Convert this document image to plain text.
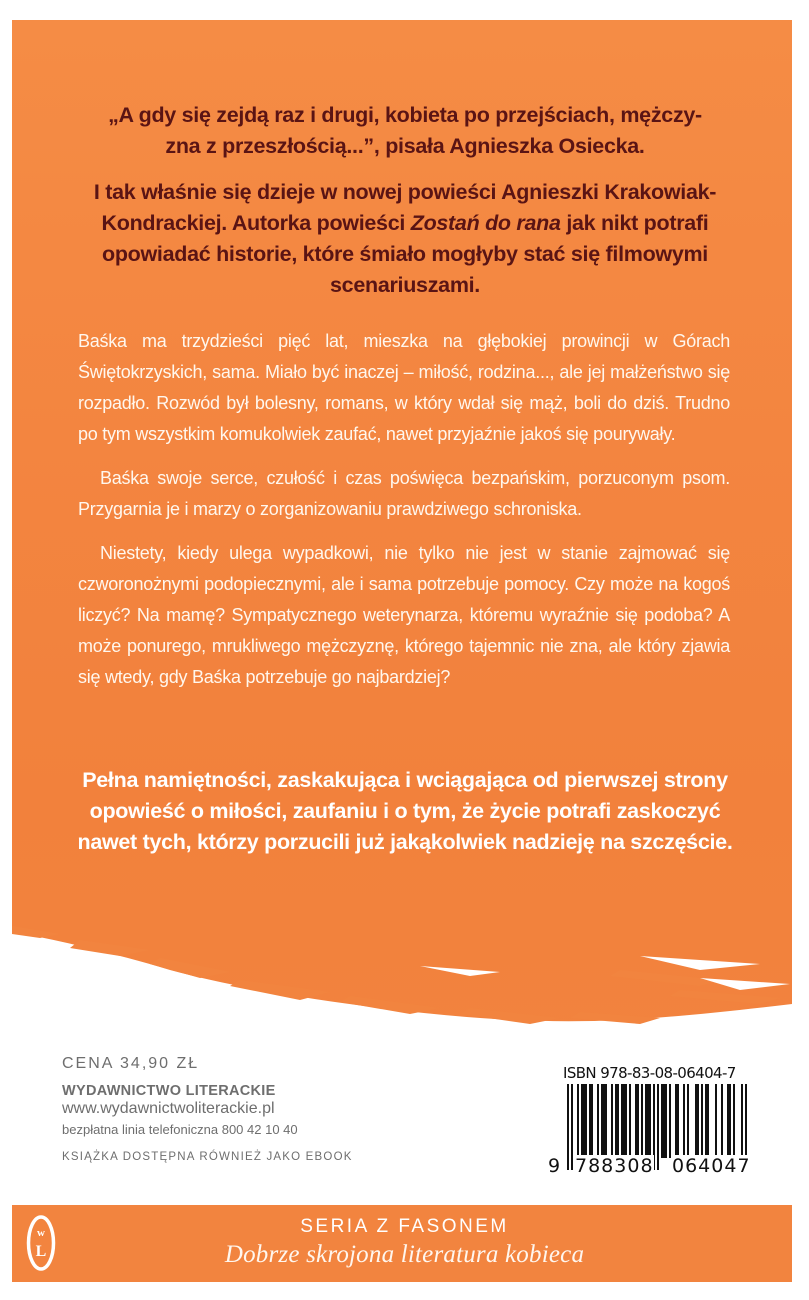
„A gdy się zejdą raz i drugi, kobieta po przejściach, mężczy-
zna z przeszłością...”, pisała Agnieszka Osiecka.

I tak właśnie się dzieje w nowej powieści Agnieszki Krakowiak-Kondrackiej. Autorka powieści Zostań do rana jak nikt potrafi opowiadać historie, które śmiało mogłyby stać się filmowymi scenariuszami.

Baśka ma trzydzieści pięć lat, mieszka na głębokiej prowincji w Górach Świętokrzyskich, sama. Miało być inaczej – miłość, rodzina..., ale jej małżeństwo się rozpadło. Rozwód był bolesny, romans, w który wdał się mąż, boli do dziś. Trudno po tym wszystkim komukolwiek zaufać, nawet przyjaźnie jakoś się pourywały.

Baśka swoje serce, czułość i czas poświęca bezpańskim, porzuconym psom. Przygarnia je i marzy o zorganizowaniu prawdziwego schroniska.

Niestety, kiedy ulega wypadkowi, nie tylko nie jest w stanie zajmować się czworonożnymi podopiecznymi, ale i sama potrzebuje pomocy. Czy może na kogoś liczyć? Na mamę? Sympatycznego weterynarza, któremu wyraźnie się podoba? A może ponurego, mrukliwego mężczyznę, którego tajemnic nie zna, ale który zjawia się wtedy, gdy Baśka potrzebuje go najbardziej?

Pełna namiętności, zaskakująca i wciągająca od pierwszej strony opowieść o miłości, zaufaniu i o tym, że życie potrafi zaskoczyć nawet tych, którzy porzucili już jakąkolwiek nadzieję na szczęście.
CENA 34,90 ZŁ
WYDAWNICTWO LITERACKIE
www.wydawnictwoliterackie.pl
bezpłatna linia telefoniczna 800 42 10 40
KSIĄŻKA DOSTĘPNA RÓWNIEŻ JAKO EBOOK
ISBN 978-83-08-06404-7
9 788308 064047
w
L
SERIA Z FASONEM
Dobrze skrojona literatura kobieca
